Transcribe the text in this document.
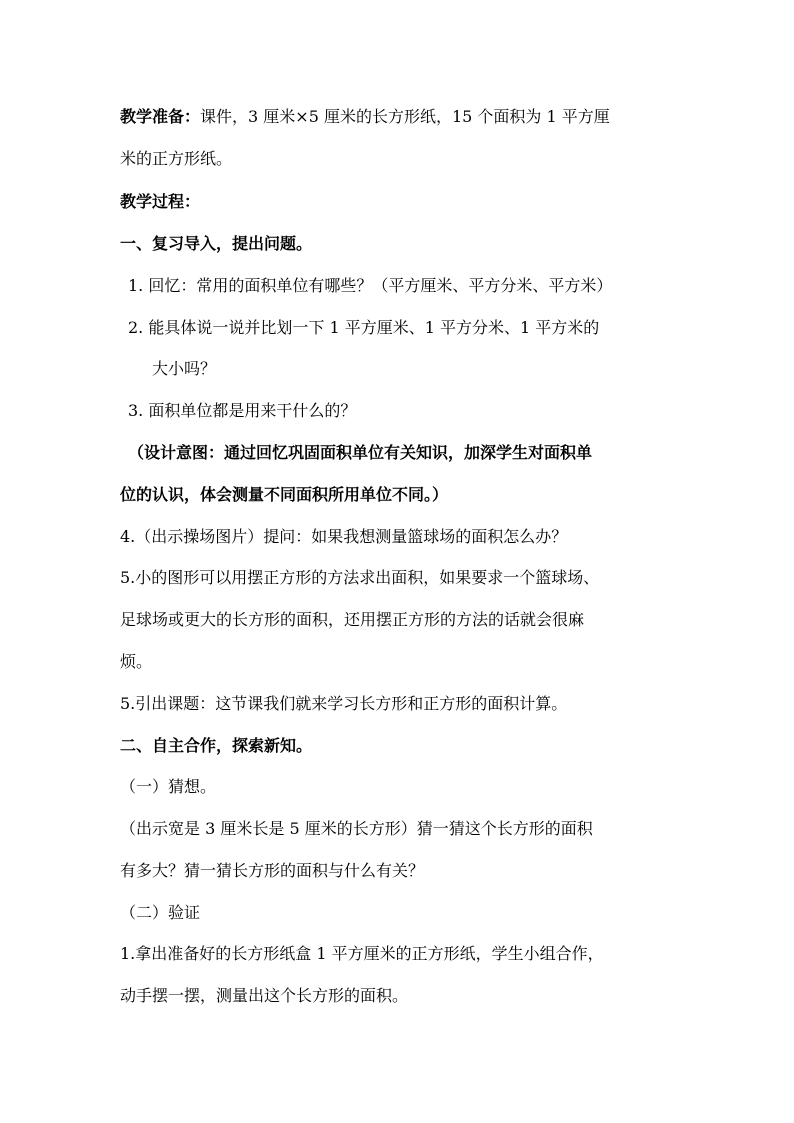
教学准备：课件，3 厘米×5 厘米的长方形纸，15 个面积为 1 平方厘
米的正方形纸。
教学过程：
一、复习导入，提出问题。
1. 回忆：常用的面积单位有哪些？（平方厘米、平方分米、平方米）
2. 能具体说一说并比划一下 1 平方厘米、1 平方分米、1 平方米的
大小吗？
3. 面积单位都是用来干什么的？
（设计意图：通过回忆巩固面积单位有关知识，加深学生对面积单
位的认识，体会测量不同面积所用单位不同。）
4.（出示操场图片）提问：如果我想测量篮球场的面积怎么办？
5.小的图形可以用摆正方形的方法求出面积，如果要求一个篮球场、
足球场或更大的长方形的面积，还用摆正方形的方法的话就会很麻
烦。
5.引出课题：这节课我们就来学习长方形和正方形的面积计算。
二、自主合作，探索新知。
（一）猜想。
（出示宽是 3 厘米长是 5 厘米的长方形）猜一猜这个长方形的面积
有多大？猜一猜长方形的面积与什么有关？
（二）验证
1.拿出准备好的长方形纸盒 1 平方厘米的正方形纸，学生小组合作，
动手摆一摆，测量出这个长方形的面积。
